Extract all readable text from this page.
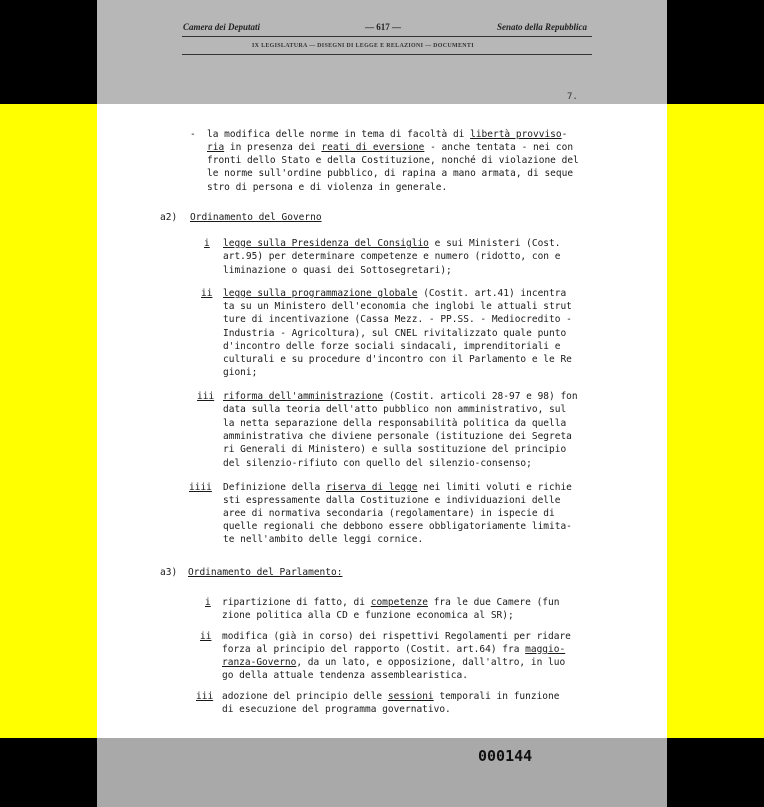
Camera dei Deputati	— 617 —	Senato della Repubblica
IX LEGISLATURA — DISEGNI DI LEGGE E RELAZIONI — DOCUMENTI
7.
- la modifica delle norme in tema di facoltà di libertà provviso-
ria in presenza dei reati di eversione - anche tentata - nei con
fronti dello Stato e della Costituzione, nonché di violazione del
le norme sull'ordine pubblico, di rapina a mano armata, di seque
stro di persona e di violenza in generale.
a2) Ordinamento del Governo
i legge sulla Presidenza del Consiglio e sui Ministeri (Cost.
art.95) per determinare competenze e numero (ridotto, con e
liminazione o quasi dei Sottosegretari);
ii legge sulla programmazione globale (Costit. art.41) incentra
ta su un Ministero dell'economia che inglobi le attuali strut
ture di incentivazione (Cassa Mezz. - PP.SS. - Mediocredito -
Industria - Agricoltura), sul CNEL rivitalizzato quale punto
d'incontro delle forze sociali sindacali, imprenditoriali e
culturali e su procedure d'incontro con il Parlamento e le Re
gioni;
iii riforma dell'amministrazione (Costit. articoli 28-97 e 98) fon
data sulla teoria dell'atto pubblico non amministrativo, sul
la netta separazione della responsabilità politica da quella
amministrativa che diviene personale (istituzione dei Segreta
ri Generali di Ministero) e sulla sostituzione del principio
del silenzio-rifiuto con quello del silenzio-consenso;
iiii Definizione della riserva di legge nei limiti voluti e richie
sti espressamente dalla Costituzione e individuazioni delle
aree di normativa secondaria (regolamentare) in ispecie di
quelle regionali che debbono essere obbligatoriamente limita-
te nell'ambito delle leggi cornice.
a3) Ordinamento del Parlamento:
i ripartizione di fatto, di competenze fra le due Camere (fun
zione politica alla CD e funzione economica al SR);
ii modifica (già in corso) dei rispettivi Regolamenti per ridare
forza al principio del rapporto (Costit. art.64) fra maggio-
ranza-Governo, da un lato, e opposizione, dall'altro, in luo
go della attuale tendenza assemblearistica.
iii adozione del principio delle sessioni temporali in funzione
di esecuzione del programma governativo.
000144
